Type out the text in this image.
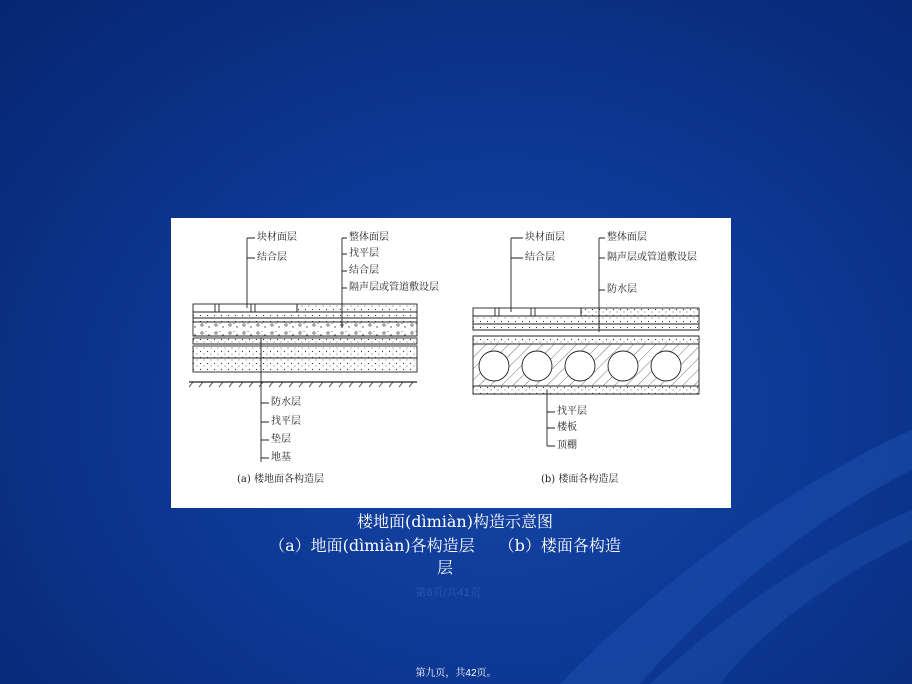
块材面层
结合层
整体面层
找平层
结合层
隔声层或管道敷设层
防水层
找平层
垫层
地基
(a) 楼地面各构造层
块材面层
结合层
整体面层
隔声层或管道敷设层
防水层
找平层
楼板
顶棚
(b) 楼面各构造层
楼地面(dìmiàn)构造示意图
（a）地面(dìmiàn)各构造层　　（b）楼面各构造
层
第8页/共41页
第九页，共42页。
